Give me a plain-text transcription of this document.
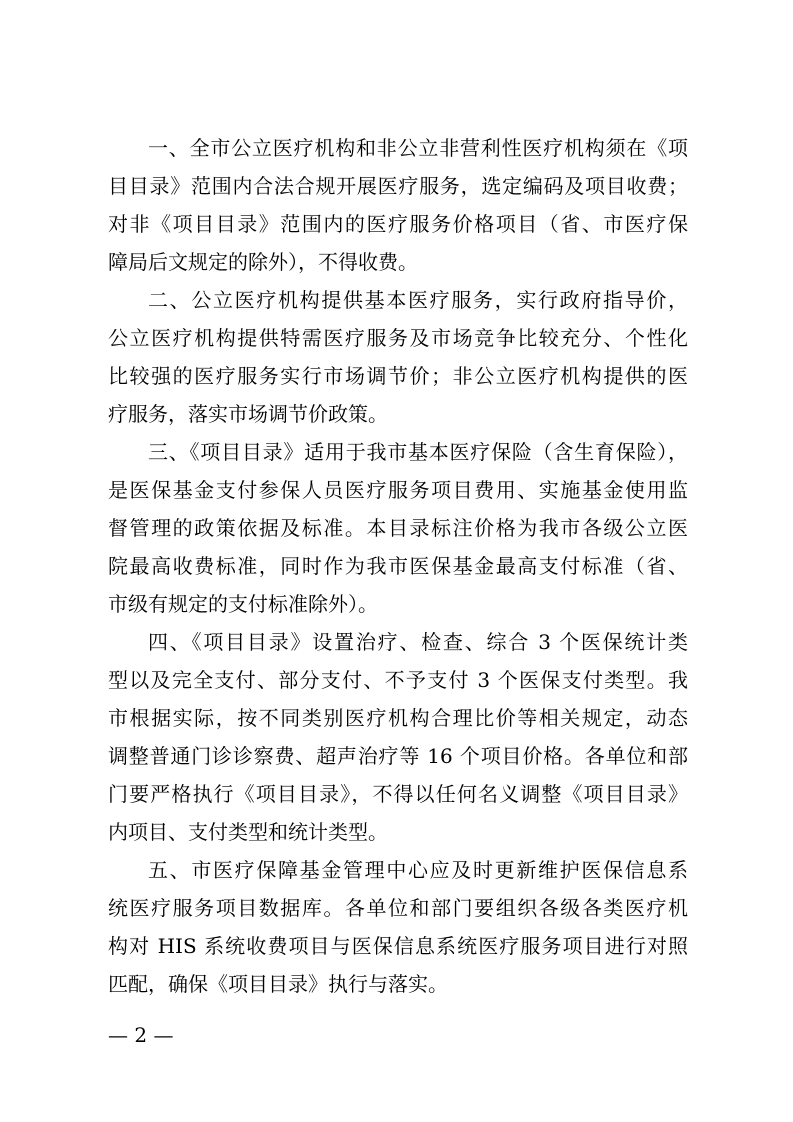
一、全市公立医疗机构和非公立非营利性医疗机构须在《项
目目录》范围内合法合规开展医疗服务，选定编码及项目收费；
对非《项目目录》范围内的医疗服务价格项目（省、市医疗保
障局后文规定的除外），不得收费。
二、公立医疗机构提供基本医疗服务，实行政府指导价，
公立医疗机构提供特需医疗服务及市场竞争比较充分、个性化
比较强的医疗服务实行市场调节价；非公立医疗机构提供的医
疗服务，落实市场调节价政策。
三、《项目目录》适用于我市基本医疗保险（含生育保险），
是医保基金支付参保人员医疗服务项目费用、实施基金使用监
督管理的政策依据及标准。本目录标注价格为我市各级公立医
院最高收费标准，同时作为我市医保基金最高支付标准（省、
市级有规定的支付标准除外）。
四、《项目目录》设置治疗、检查、综合 3 个医保统计类
型以及完全支付、部分支付、不予支付 3 个医保支付类型。我
市根据实际，按不同类别医疗机构合理比价等相关规定，动态
调整普通门诊诊察费、超声治疗等 16 个项目价格。各单位和部
门要严格执行《项目目录》，不得以任何名义调整《项目目录》
内项目、支付类型和统计类型。
五、市医疗保障基金管理中心应及时更新维护医保信息系
统医疗服务项目数据库。各单位和部门要组织各级各类医疗机
构对 HIS 系统收费项目与医保信息系统医疗服务项目进行对照
匹配，确保《项目目录》执行与落实。
— 2 —
